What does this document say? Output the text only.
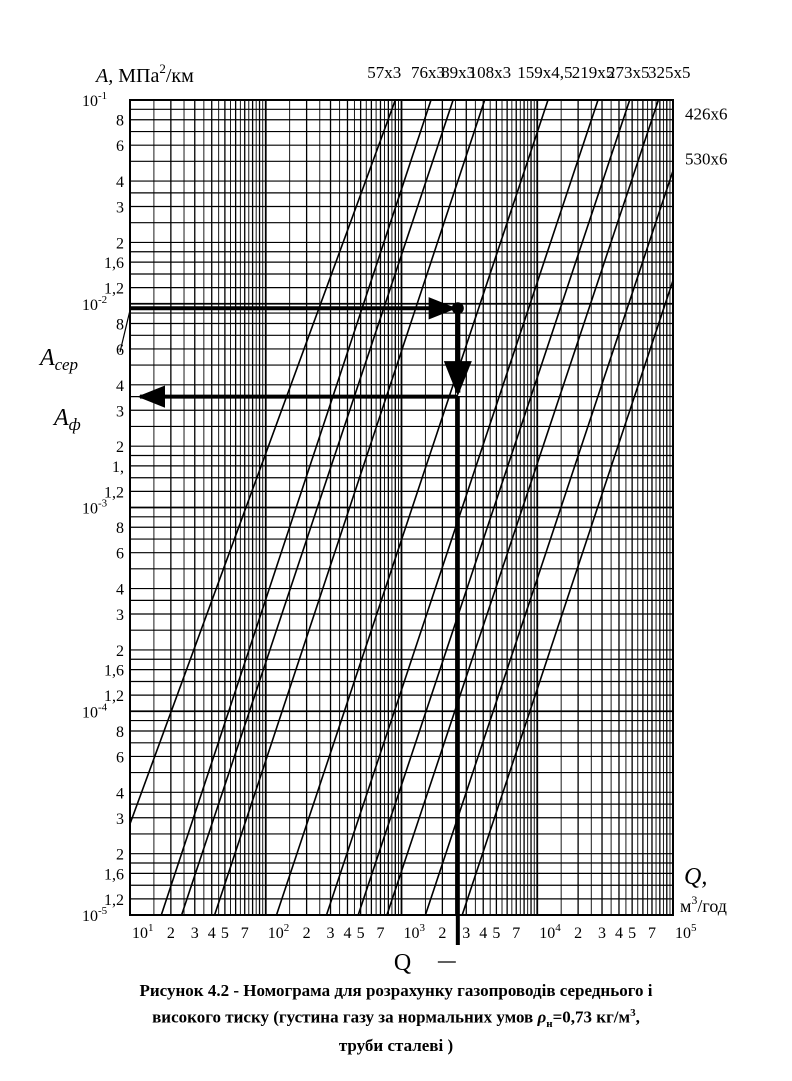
57x3 76x3
89x3
108x3 159x4,5 219x5
273x5
325x5
426x6
530x6
$10^1$	$10^2$	$10^3$	$10^4$	$10^5$
2 3 4 5 7	2 3 4 5 7	2 3 4 5 7	2 3 4 5 7
$10^{-1}$
8
6
4
3
2
1,6
1,2
$10^{-2}$
8
6
4
3
2
1,
1,2
$10^{-3}$
8
6
4
3
2
1,6
1,2
$10^{-4}$
8
6
4
3
2
1,6
1,2
$10^{-5}$
A, МПа$^2$/км
Q,
$м^3$/год
$A_{сер}$
$A_ф$
Q
Рисунок 4.2 - Номограма для розрахунку газопроводів середнього і
високого тиску (густина газу за нормальних умов $\rho_н=0,73$ $кг/м^3$,
труби сталеві )
